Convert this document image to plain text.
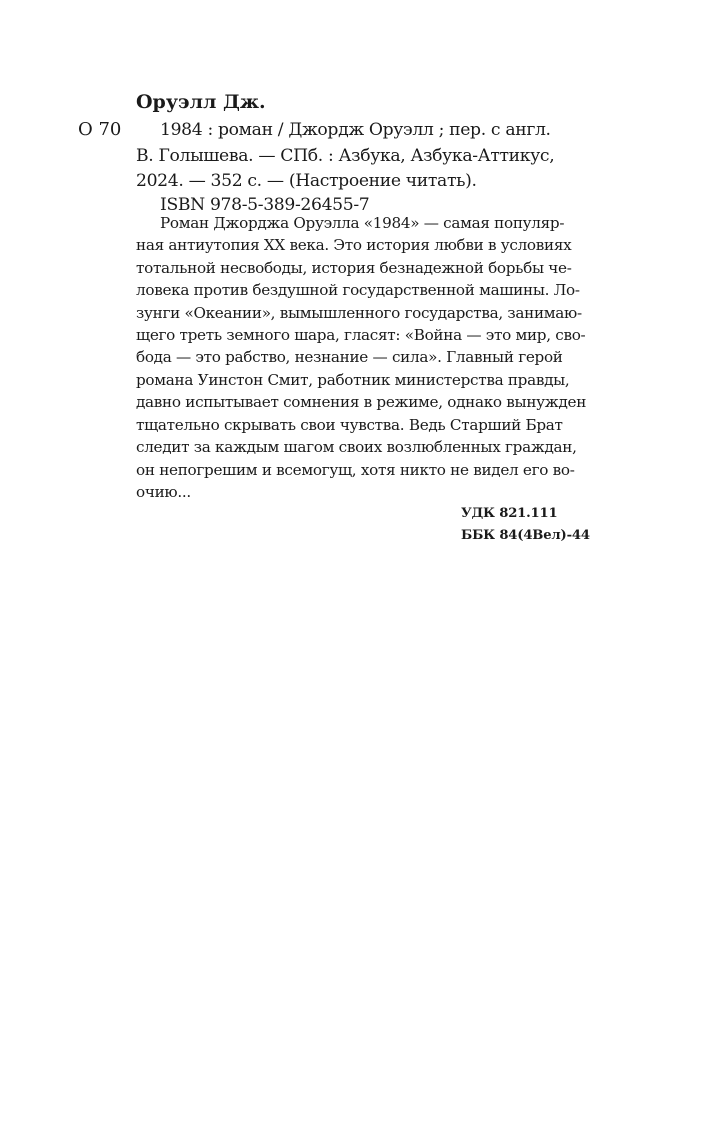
Оруэлл Дж.
О 70 1984 : роман / Джордж Оруэлл ; пер. с англ.
В. Голышева. — СПб. : Азбука, Азбука-Аттикус,
2024. — 352 с. — (Настроение читать).
ISBN 978-5-389-26455-7
Роман Джорджа Оруэлла «1984» — самая популяр-
ная антиутопия XX века. Это история любви в условиях
тотальной несвободы, история безнадежной борьбы че-
ловека против бездушной государственной машины. Ло-
зунги «Океании», вымышленного государства, занимаю-
щего треть земного шара, гласят: «Война — это мир, сво-
бода — это рабство, незнание — сила». Главный герой
романа Уинстон Смит, работник министерства правды,
давно испытывает сомнения в режиме, однако вынужден
тщательно скрывать свои чувства. Ведь Старший Брат
следит за каждым шагом своих возлюбленных граждан,
он непогрешим и всемогущ, хотя никто не видел его во-
очию...
УДК 821.111
ББК 84(4Вел)-44
